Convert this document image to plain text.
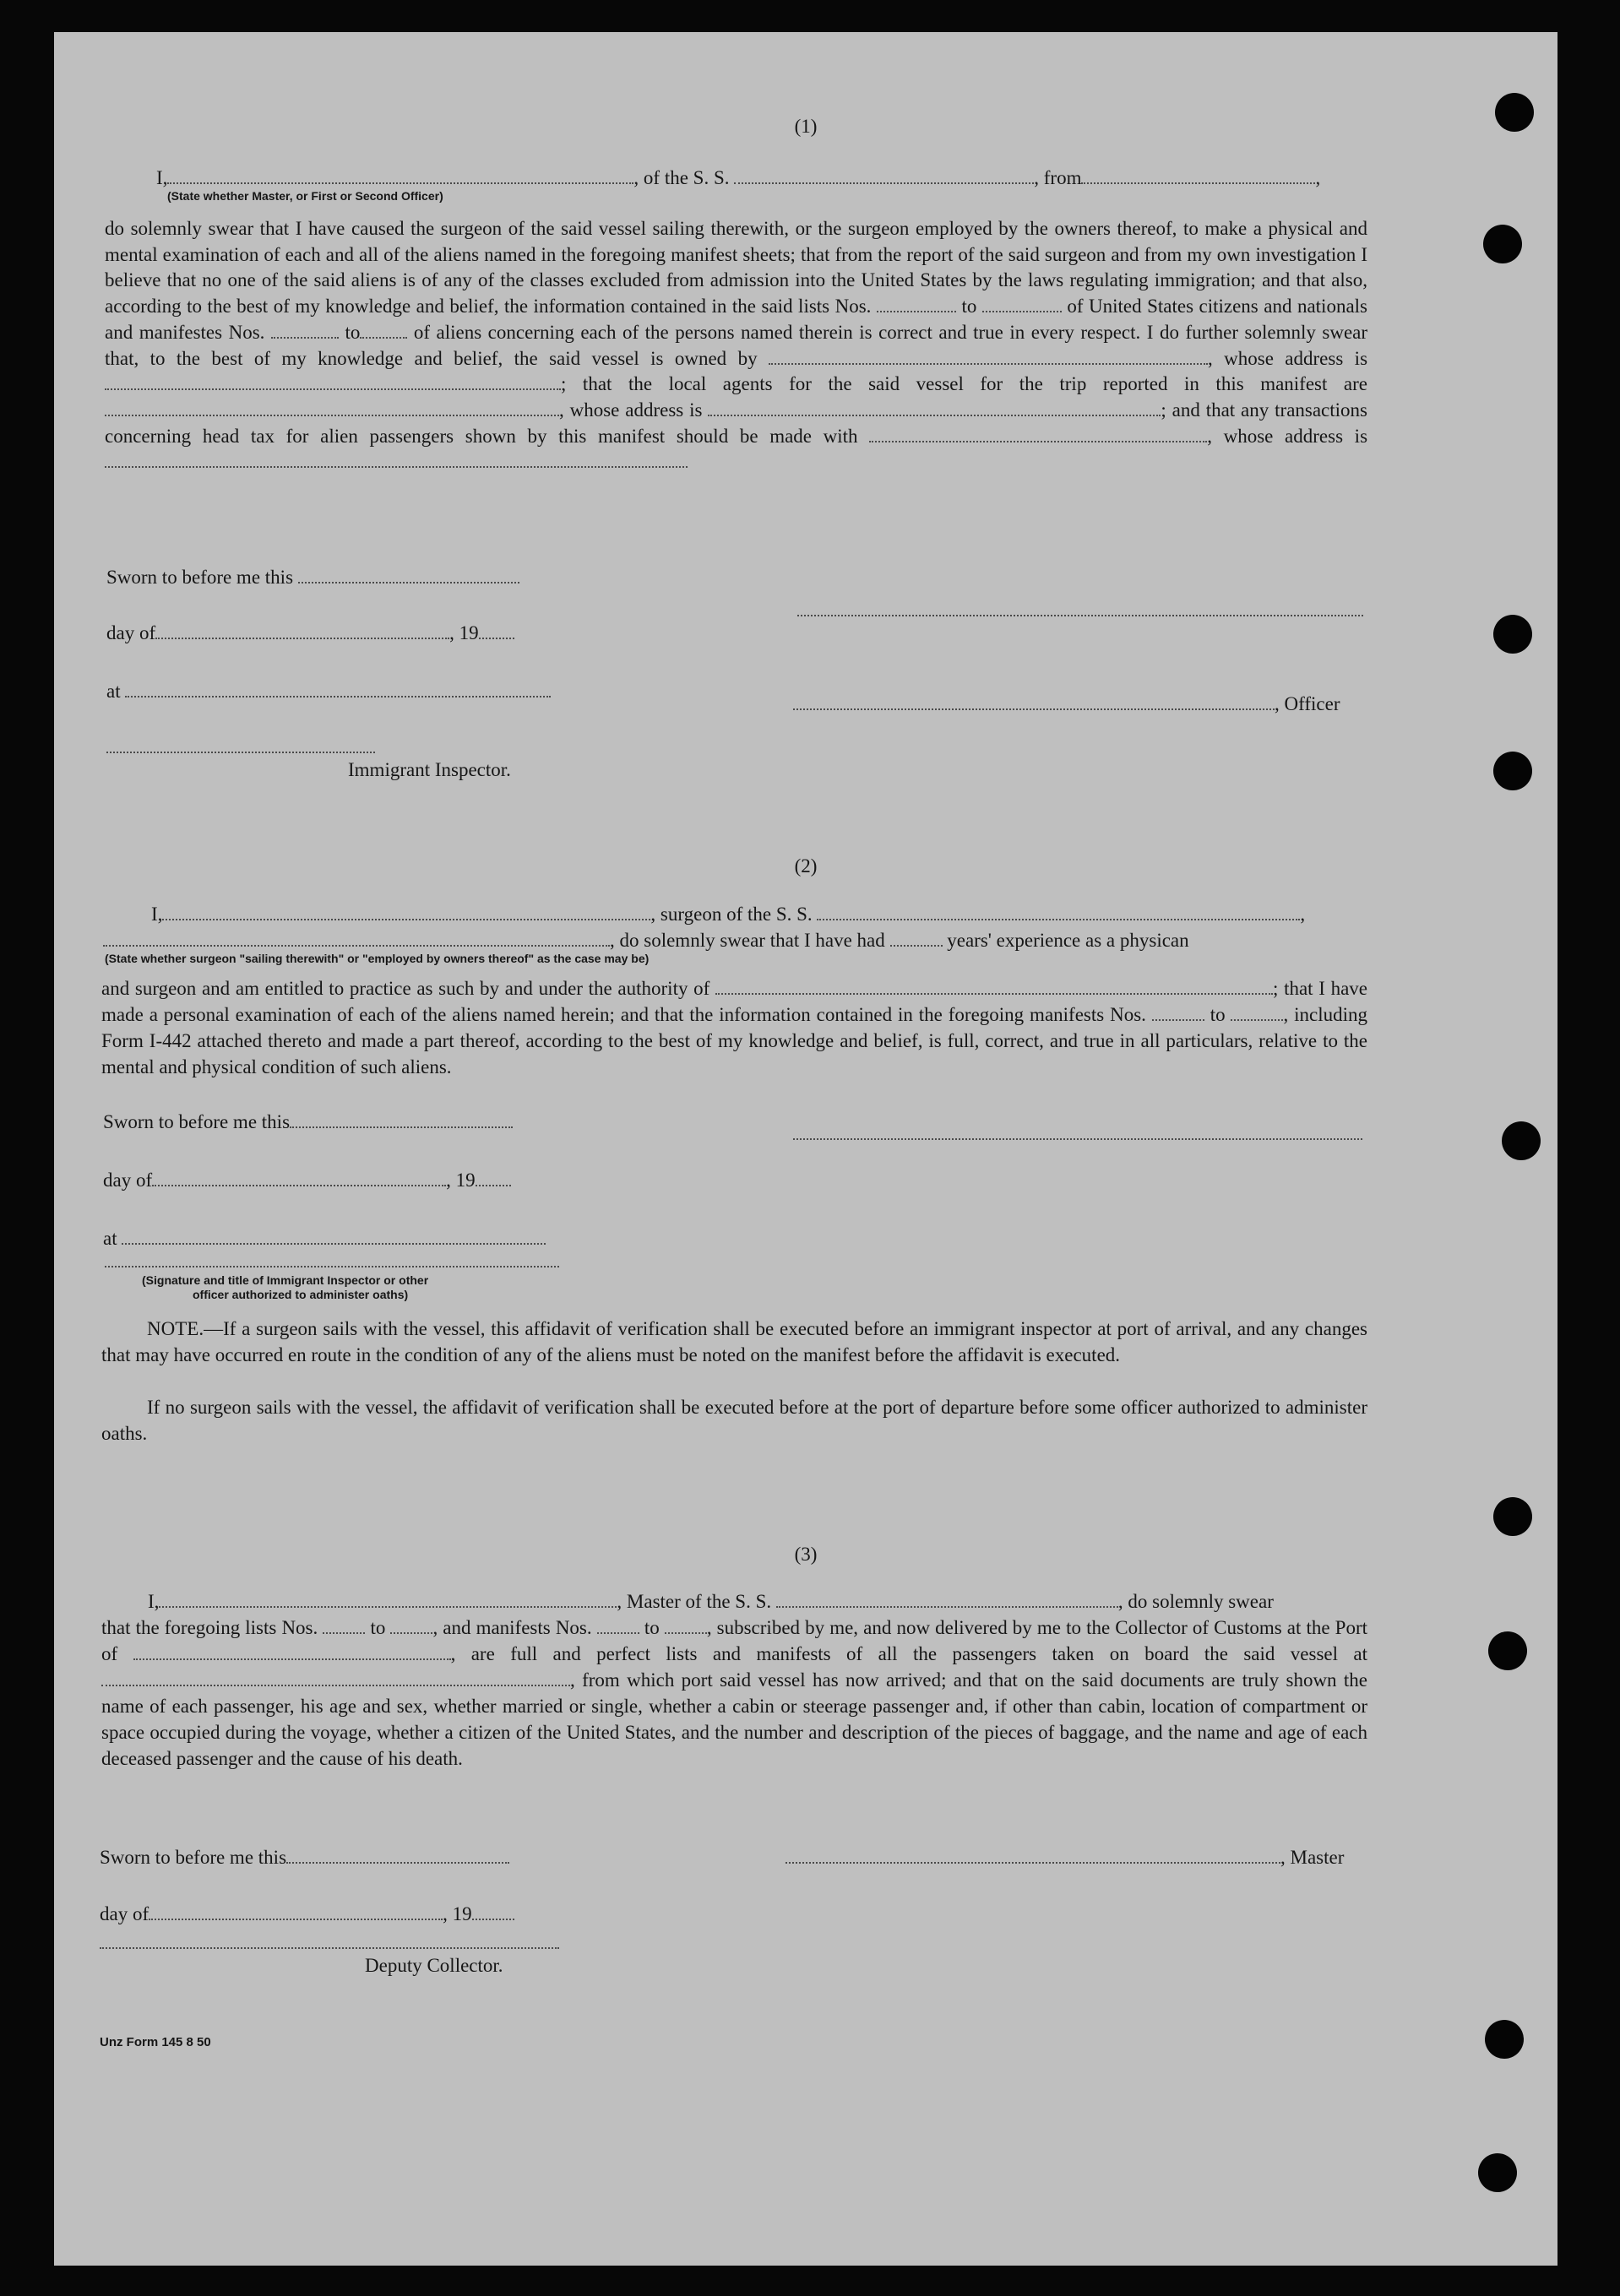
(1)
I,	, of the S. S.	, from	,
(State whether Master, or First or Second Officer)
do solemnly swear that I have caused the surgeon of the said vessel sailing therewith, or the surgeon employed by the owners thereof, to make a physical and mental examination of each and all of the aliens named in the foregoing manifest sheets; that from the report of the said surgeon and from my own investigation I believe that no one of the said aliens is of any of the classes excluded from admission into the United States by the laws regulating immigration; and that also, according to the best of my knowledge and belief, the information contained in the said lists Nos.	to	of United States citizens and nationals and manifestes Nos.	to	of aliens concerning each of the persons named therein is correct and true in every respect. I do further solemnly swear that, to the best of my knowledge and belief, the said vessel is owned by	, whose address is ; that the local agents for the said vessel for the trip reported in this manifest are , whose address is	; and that any transactions concerning head tax for alien passengers shown by this manifest should be made with	, whose address is
Sworn to before me this
day of	, 19
at
, Officer
Immigrant Inspector.
(2)
I,	, surgeon of the S. S.	,
, do solemnly swear that I have had	years' experience as a physican
(State whether surgeon "sailing therewith" or "employed by owners thereof" as the case may be)
and surgeon and am entitled to practice as such by and under the authority of	; that I have made a personal examination of each of the aliens named herein; and that the information contained in the foregoing manifests Nos.	to	, including Form I-442 attached thereto and made a part thereof, according to the best of my knowledge and belief, is full, correct, and true in all particulars, relative to the mental and physical condition of such aliens.
Sworn to before me this
day of	, 19
at
(Signature and title of Immigrant Inspector or other
officer authorized to administer oaths)
NOTE.—If a surgeon sails with the vessel, this affidavit of verification shall be executed before an immigrant inspector at port of arrival, and any changes that may have occurred en route in the condition of any of the aliens must be noted on the manifest before the affidavit is executed.
If no surgeon sails with the vessel, the affidavit of verification shall be executed before at the port of departure before some officer authorized to administer oaths.
(3)
I,	, Master of the S. S.	, do solemnly swear
that the foregoing lists Nos.	to , and manifests Nos.	to , subscribed by me, and now delivered by me to the Collector of Customs at the Port of	, are full and perfect lists and manifests of all the passengers taken on board the said vessel at , from which port said vessel has now arrived; and that on the said documents are truly shown the name of each passenger, his age and sex, whether married or single, whether a cabin or steerage passenger and, if other than cabin, location of compartment or space occupied during the voyage, whether a citizen of the United States, and the number and description of the pieces of baggage, and the name and age of each deceased passenger and the cause of his death.
Sworn to before me this	, Master
day of	, 19
Deputy Collector.
Unz Form 145 8 50
